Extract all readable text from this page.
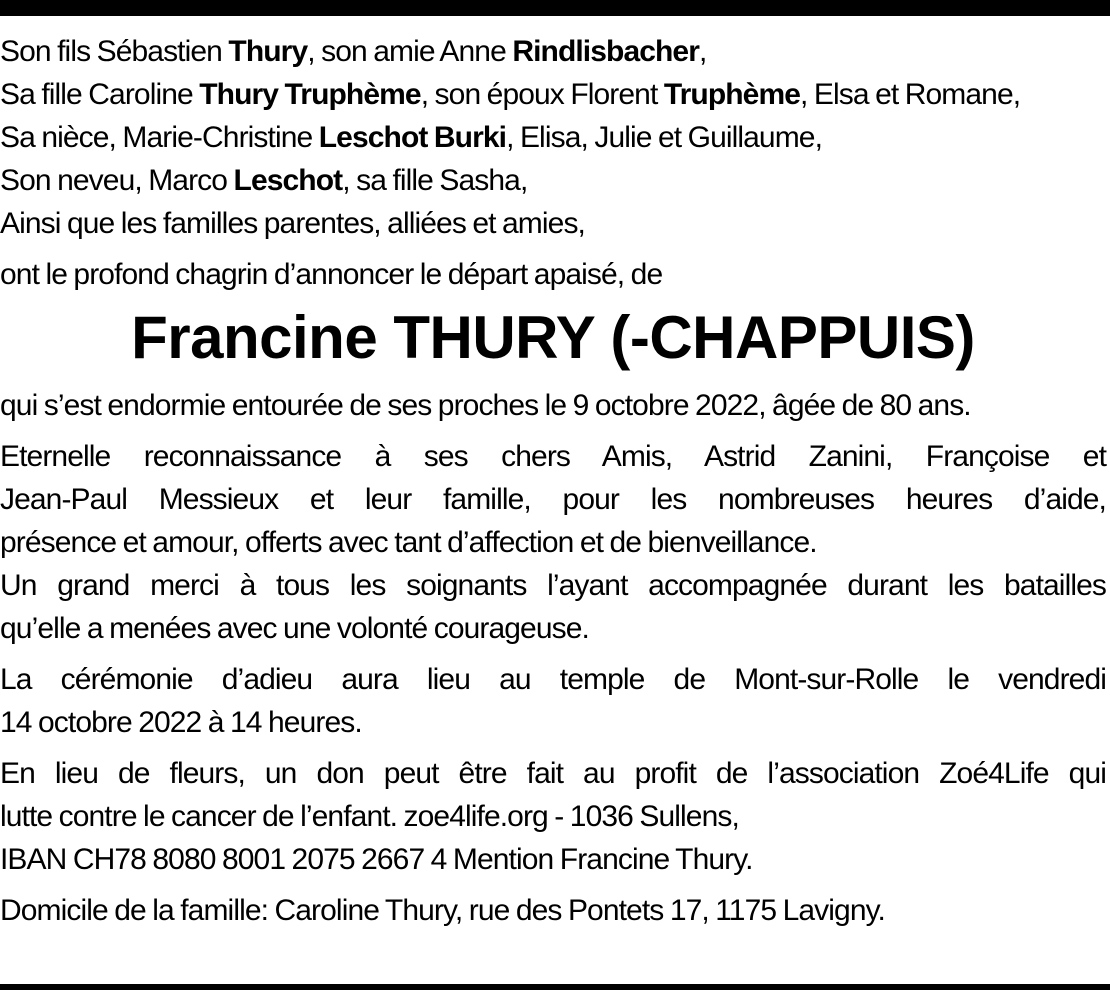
Son fils Sébastien Thury, son amie Anne Rindlisbacher,
Sa fille Caroline Thury Truphème, son époux Florent Truphème, Elsa et Romane,
Sa nièce, Marie-Christine Leschot Burki, Elisa, Julie et Guillaume,
Son neveu, Marco Leschot, sa fille Sasha,
Ainsi que les familles parentes, alliées et amies,
ont le profond chagrin d’annoncer le départ apaisé, de
Francine THURY (-CHAPPUIS)
qui s’est endormie entourée de ses proches le 9 octobre 2022, âgée de 80 ans.
Eternelle reconnaissance à ses chers Amis, Astrid Zanini, Françoise et
Jean-Paul Messieux et leur famille, pour les nombreuses heures d’aide,
présence et amour, offerts avec tant d’affection et de bienveillance.
Un grand merci à tous les soignants l’ayant accompagnée durant les batailles
qu’elle a menées avec une volonté courageuse.
La cérémonie d’adieu aura lieu au temple de Mont-sur-Rolle le vendredi
14 octobre 2022 à 14 heures.
En lieu de fleurs, un don peut être fait au profit de l’association Zoé4Life qui
lutte contre le cancer de l’enfant. zoe4life.org - 1036 Sullens,
IBAN CH78 8080 8001 2075 2667 4 Mention Francine Thury.
Domicile de la famille: Caroline Thury, rue des Pontets 17, 1175 Lavigny.
